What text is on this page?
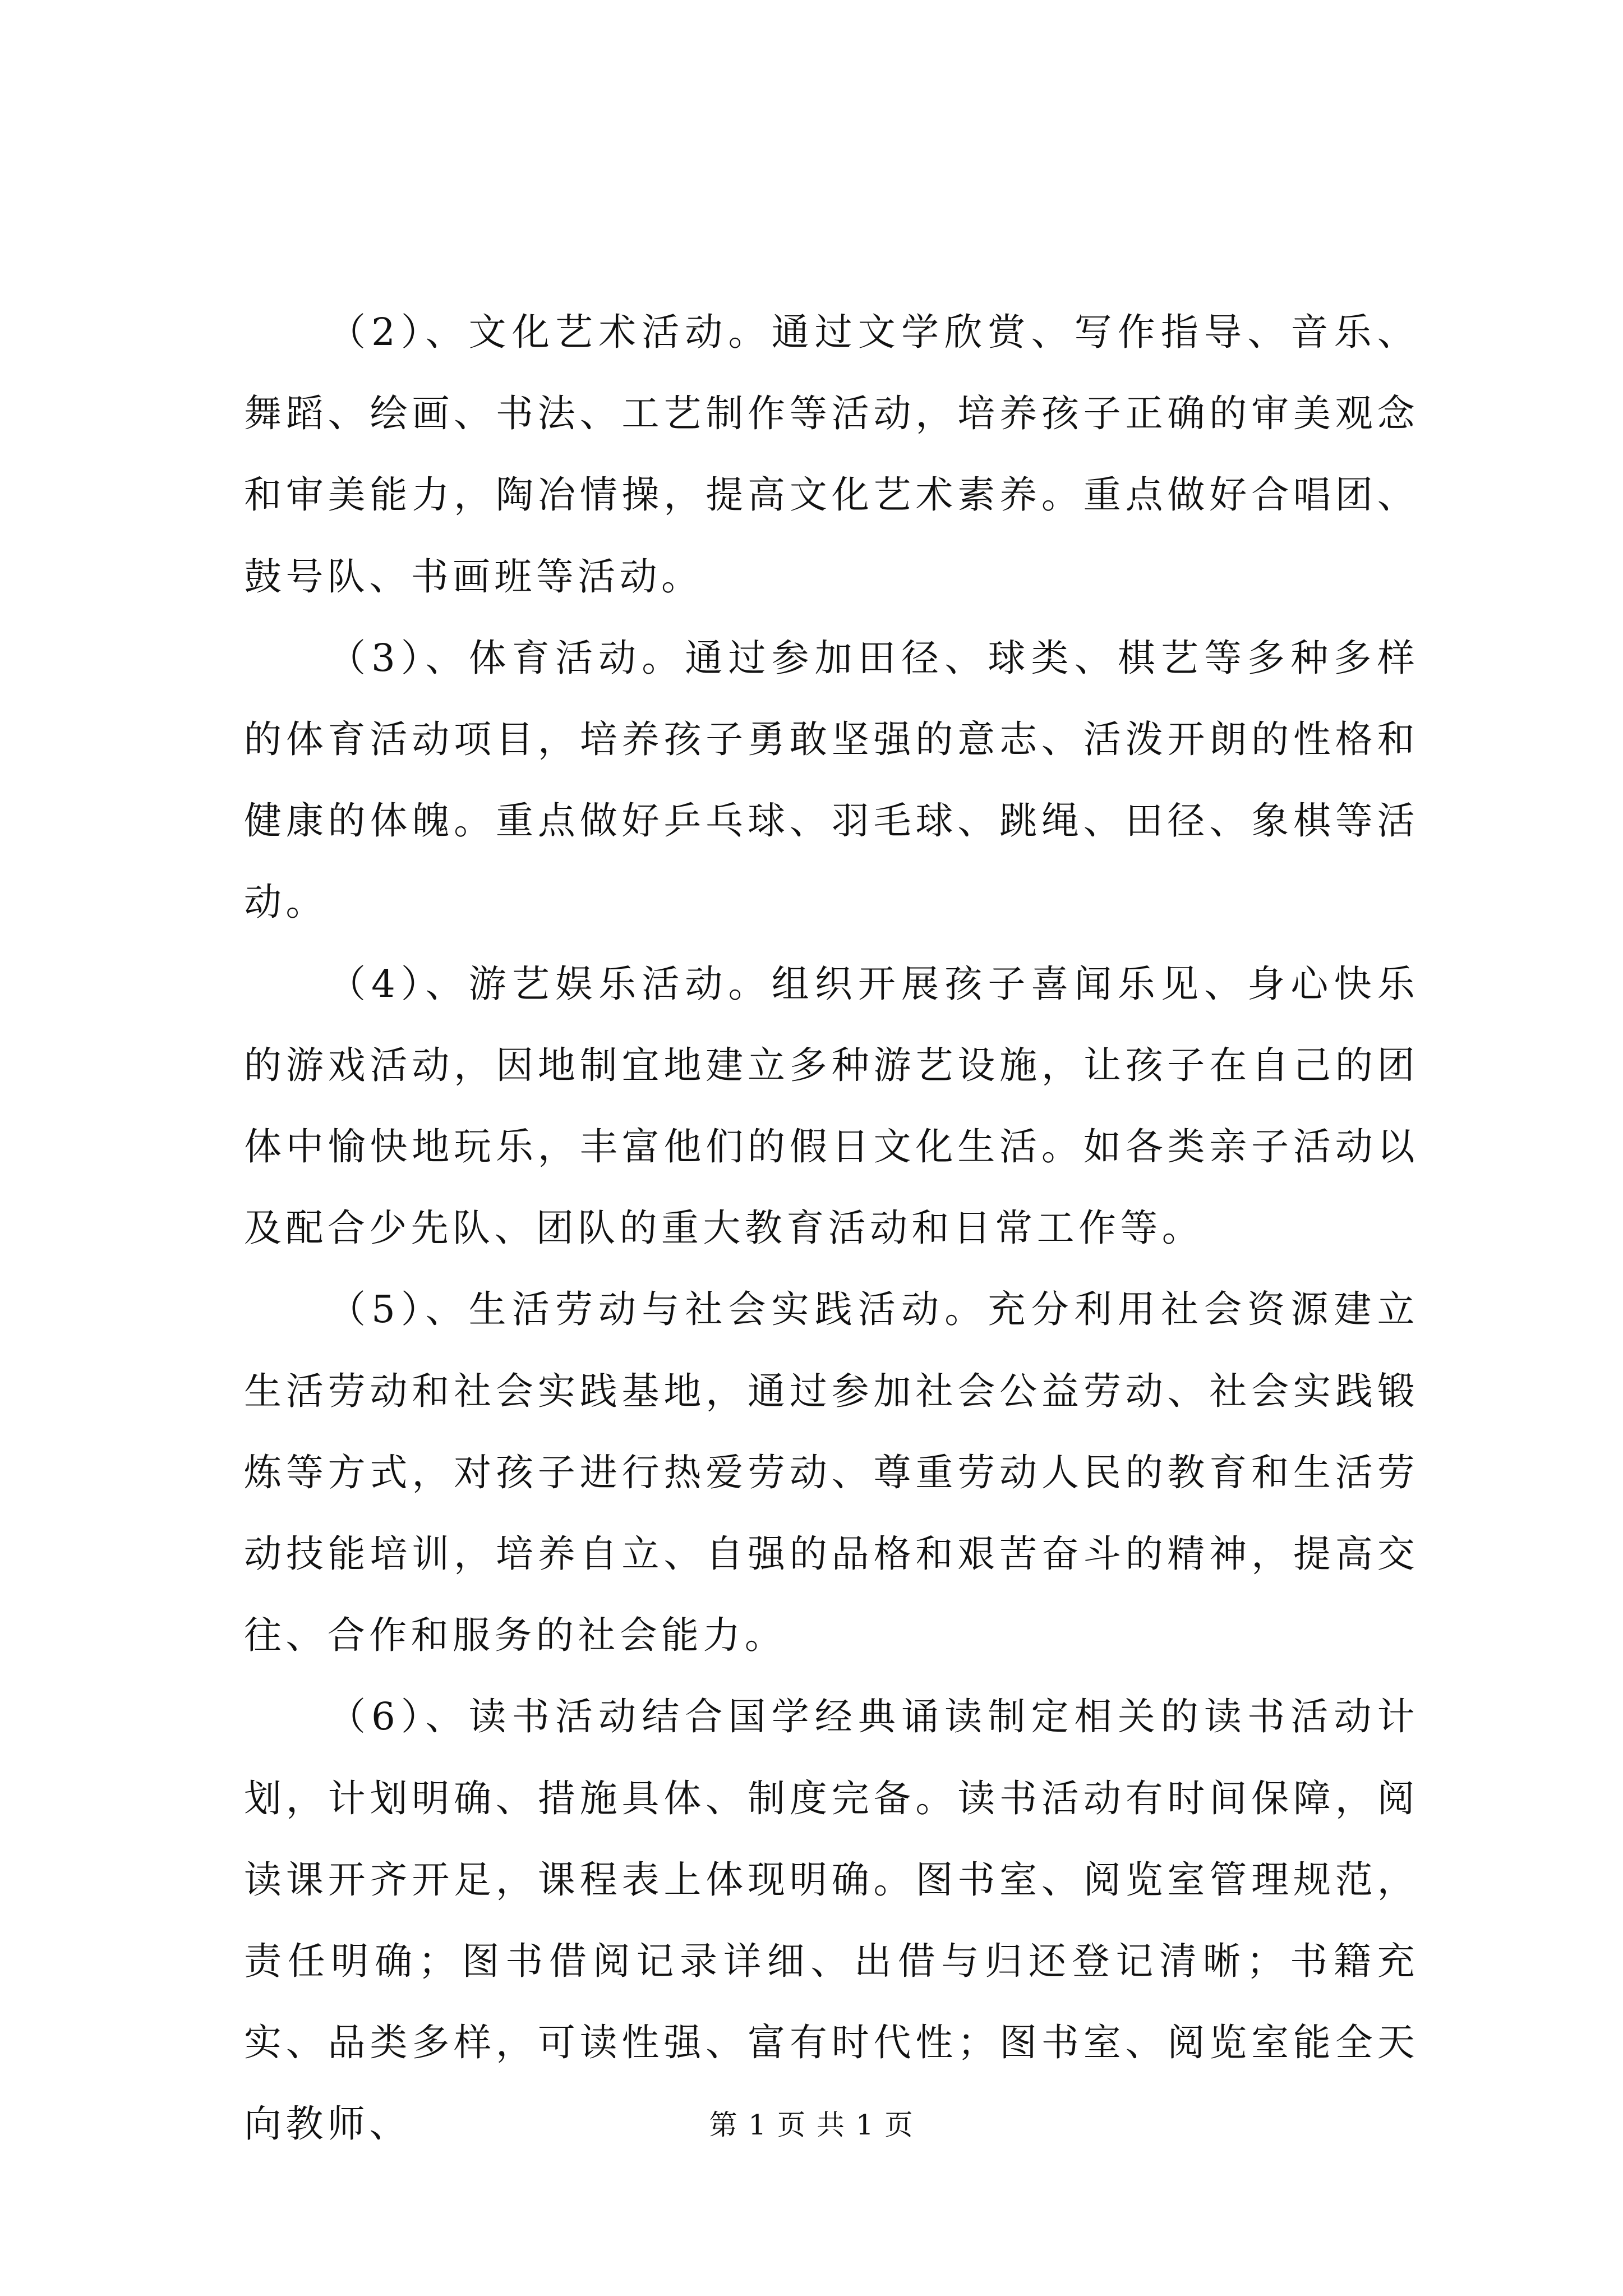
（2）、文化艺术活动。通过文学欣赏、写作指导、音乐、舞蹈、绘画、书法、工艺制作等活动，培养孩子正确的审美观念和审美能力，陶冶情操，提高文化艺术素养。重点做好合唱团、鼓号队、书画班等活动。

（3）、体育活动。通过参加田径、球类、棋艺等多种多样的体育活动项目，培养孩子勇敢坚强的意志、活泼开朗的性格和健康的体魄。重点做好乒乓球、羽毛球、跳绳、田径、象棋等活动。

（4）、游艺娱乐活动。组织开展孩子喜闻乐见、身心快乐的游戏活动，因地制宜地建立多种游艺设施，让孩子在自己的团体中愉快地玩乐，丰富他们的假日文化生活。如各类亲子活动以及配合少先队、团队的重大教育活动和日常工作等。

（5）、生活劳动与社会实践活动。充分利用社会资源建立生活劳动和社会实践基地，通过参加社会公益劳动、社会实践锻炼等方式，对孩子进行热爱劳动、尊重劳动人民的教育和生活劳动技能培训，培养自立、自强的品格和艰苦奋斗的精神，提高交往、合作和服务的社会能力。

（6）、读书活动结合国学经典诵读制定相关的读书活动计划，计划明确、措施具体、制度完备。读书活动有时间保障，阅读课开齐开足，课程表上体现明确。图书室、阅览室管理规范，责任明确；图书借阅记录详细、出借与归还登记清晰；书籍充实、品类多样，可读性强、富有时代性；图书室、阅览室能全天向教师、	第 1 页 共 1 页
